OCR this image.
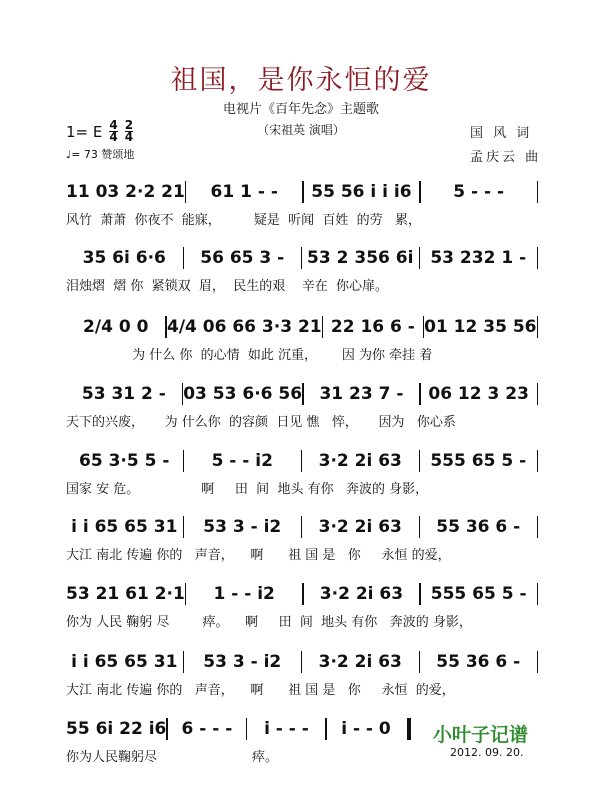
祖国，是你永恒的爱
电视片《百年先念》主题歌
（宋祖英 演唱）
1= E $\frac{4}{4} \frac{2}{4}$
♩= 73 赞颂地
国 风 词
孟庆云 曲
11 03 2·2 21	61 1 - -	55 56 i i i6	5 - - -
风竹  萧萧  你夜不  能寐，        疑是  听闻  百姓  的劳   累，
35 6i 6·6	56 65 3 -	53 2 356 6i 53 232 1 -
泪烛熠  熠 你  紧锁双  眉，  民生的艰    辛在  你心扉。
2/4 0 0	4/4 06 66 3·3 21 22 16 6 - 01 12 35 56
为 什么 你  的心情  如此 沉重，      因 为你 牵挂 着
53 31 2 -	03 53 6·6 56	31 23 7 -	06 12 3 23
天下的兴废，     为 什么你  的容颜  日见 憔   悴，     因为   你心系
65 3·5 5 -	5 - - i2	3·2 2i 63	555 65 5 -
国家 安 危。               啊     田  间  地头 有你   奔波的 身影，
i i 65 65 31	53 3 - i2	3·2 2i 63	55 36 6 -
大江 南北 传遍 你的   声音，    啊      祖 国 是   你     永恒 的爱，
53 21 61 2·1	1 - - i2	3·2 2i 63	555 65 5 -
你为 人民 鞠躬 尽        瘁。    啊     田  间  地头 有你   奔波的 身影，
i i 65 65 31	53 3 - i2	3·2 2i 63	55 36 6 -
大江 南北 传遍 你的   声音，    啊      祖 国 是   你     永恒  的爱，
55 6i 22 i6 6 - - -	i - - -	i - - 0
你为人民鞠躬尽                       瘁。
小叶子记谱
2012. 09. 20.
